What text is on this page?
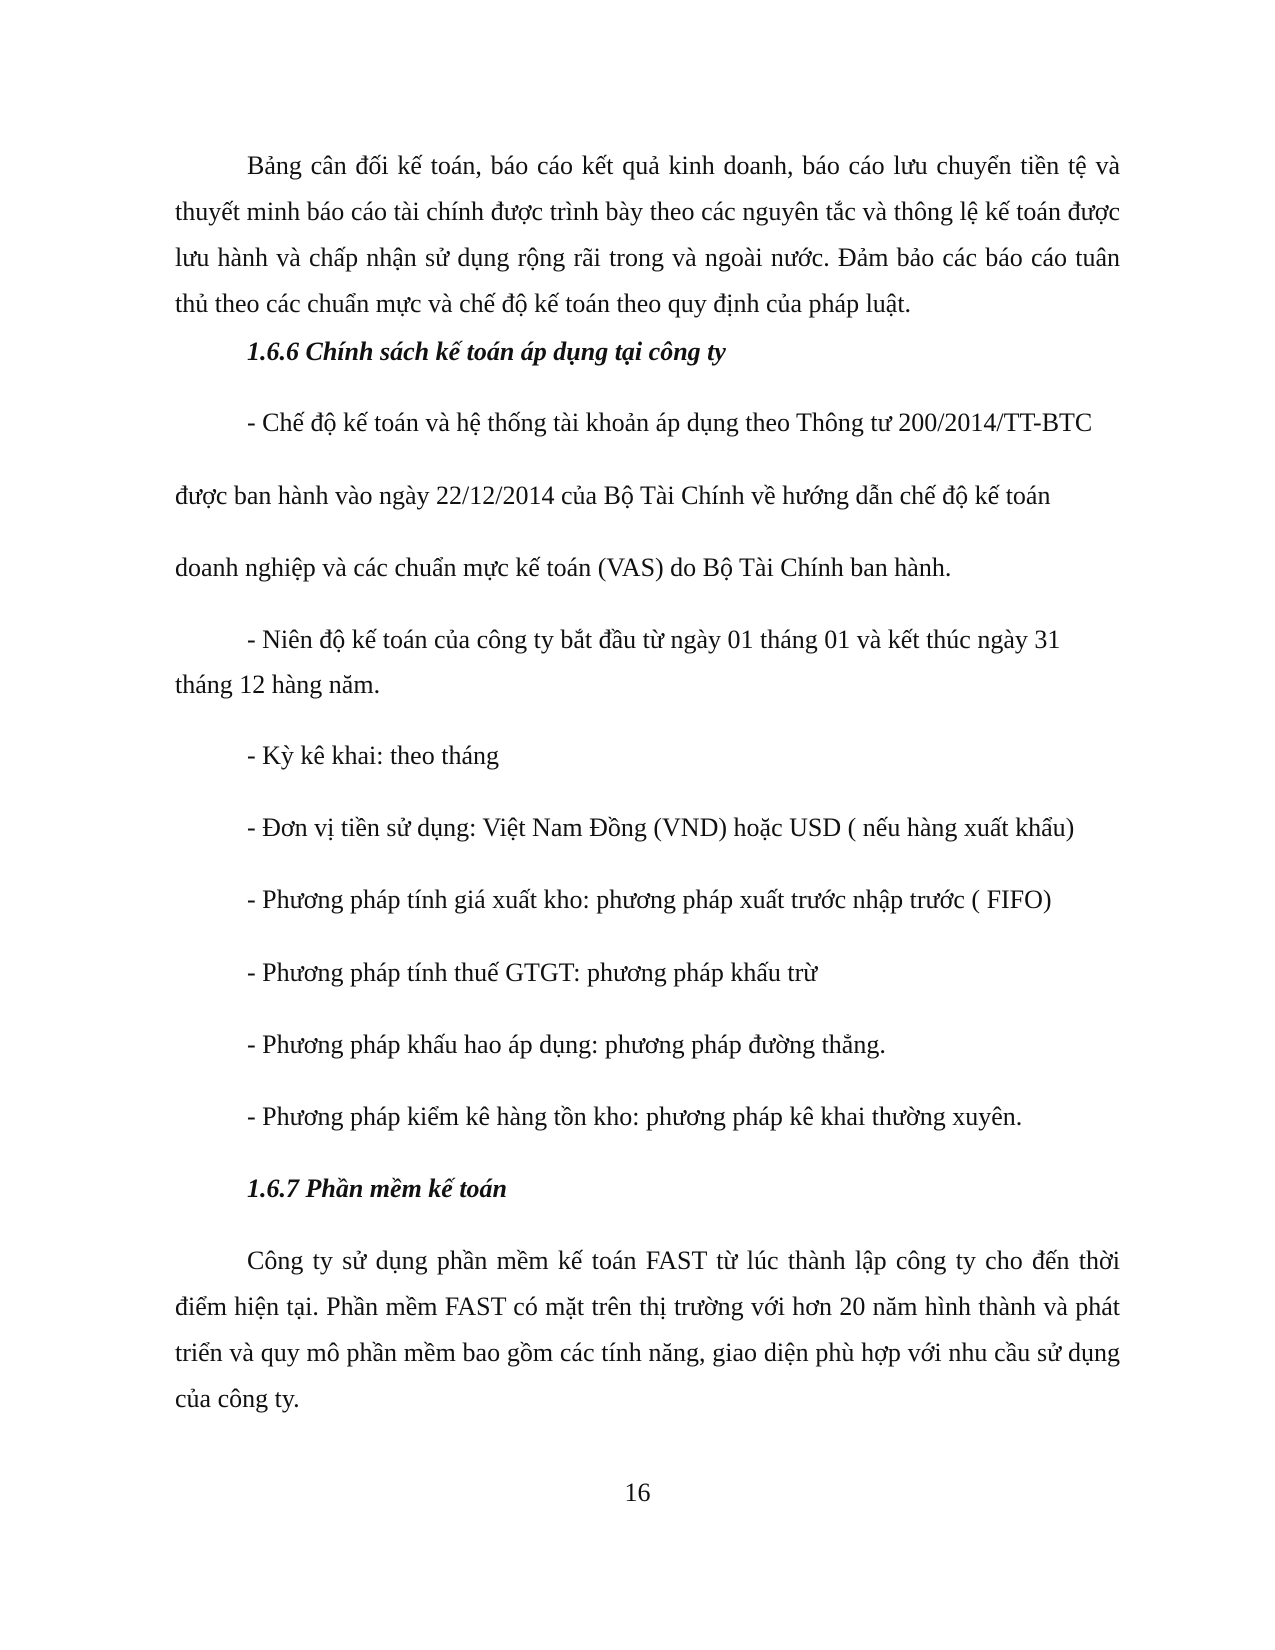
Bảng cân đối kế toán, báo cáo kết quả kinh doanh, báo cáo lưu chuyển tiền tệ và thuyết minh báo cáo tài chính được trình bày theo các nguyên tắc và thông lệ kế toán được lưu hành và chấp nhận sử dụng rộng rãi trong và ngoài nước. Đảm bảo các báo cáo tuân thủ theo các chuẩn mực và chế độ kế toán theo quy định của pháp luật.

1.6.6 Chính sách kế toán áp dụng tại công ty
- Chế độ kế toán và hệ thống tài khoản áp dụng theo Thông tư 200/2014/TT-BTC
được ban hành vào ngày 22/12/2014 của Bộ Tài Chính về hướng dẫn chế độ kế toán
doanh nghiệp và các chuẩn mực kế toán (VAS) do Bộ Tài Chính ban hành.
- Niên độ kế toán của công ty bắt đầu từ ngày 01 tháng 01 và kết thúc ngày 31
tháng 12 hàng năm.
- Kỳ kê khai: theo tháng
- Đơn vị tiền sử dụng: Việt Nam Đồng (VND) hoặc USD ( nếu hàng xuất khẩu)
- Phương pháp tính giá xuất kho: phương pháp xuất trước nhập trước ( FIFO)
- Phương pháp tính thuế GTGT: phương pháp khấu trừ
- Phương pháp khấu hao áp dụng: phương pháp đường thẳng.
- Phương pháp kiểm kê hàng tồn kho: phương pháp kê khai thường xuyên.
1.6.7 Phần mềm kế toán

Công ty sử dụng phần mềm kế toán FAST từ lúc thành lập công ty cho đến thời điểm hiện tại. Phần mềm FAST có mặt trên thị trường với hơn 20 năm hình thành và phát triển và quy mô phần mềm bao gồm các tính năng, giao diện phù hợp với nhu cầu sử dụng của công ty.

16
